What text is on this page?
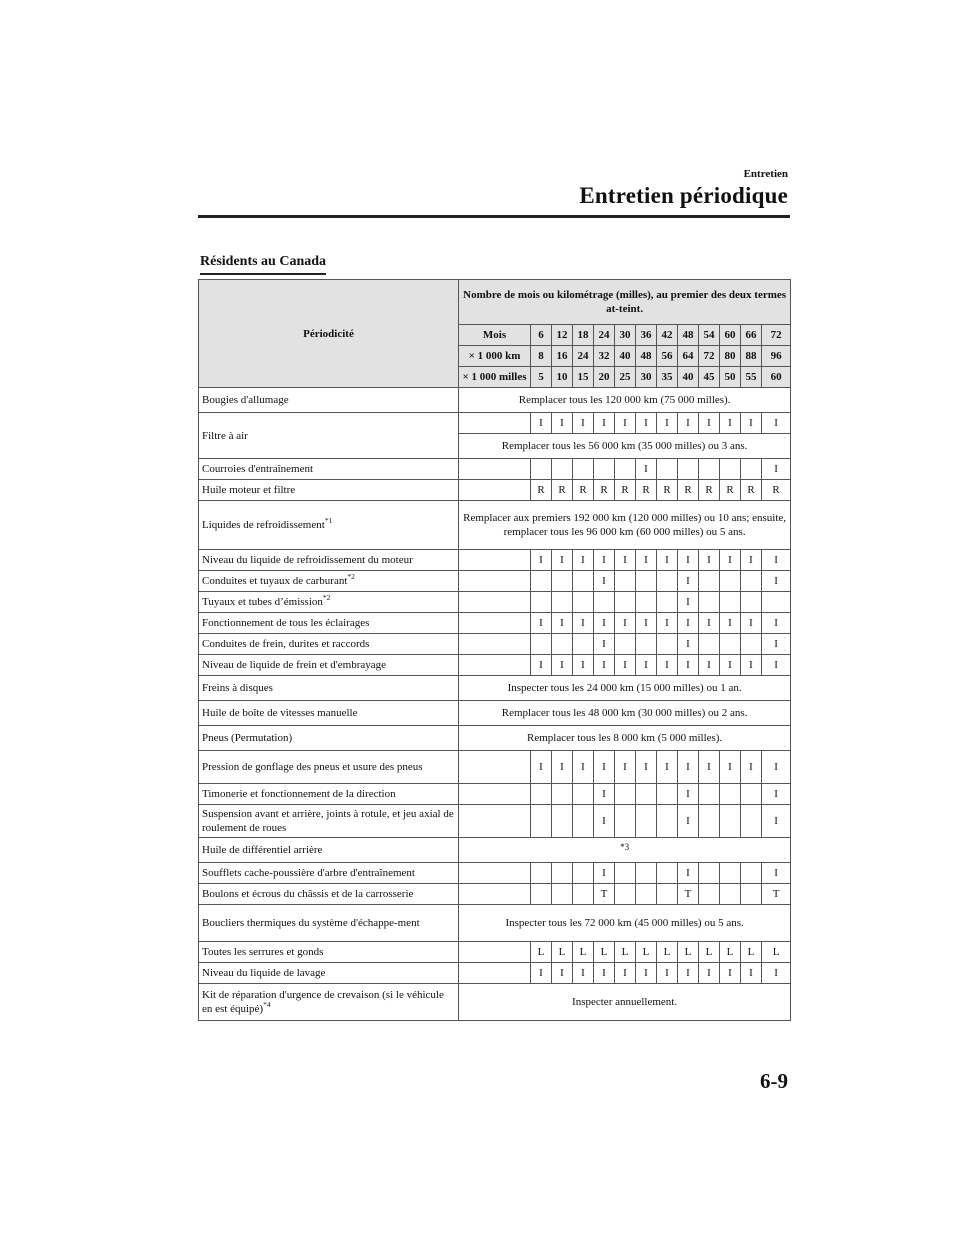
Entretien
Entretien périodique
Résidents au Canada
Périodicité	Nombre de mois ou kilométrage (milles), au premier des deux termes at-teint.												
	Mois	6	12	18	24	30	36	42	48	54	60	66	72
	× 1 000 km	8	16	24	32	40	48	56	64	72	80	88	96
	× 1 000 milles	5	10	15	20	25	30	35	40	45	50	55	60
Bougies d'allumage	Remplacer tous les 120 000 km (75 000 milles).												
Filtre à air		I	I	I	I	I	I	I	I	I	I	I	I
	Remplacer tous les 56 000 km (35 000 milles) ou 3 ans.												
Courroies d'entraînement							I						I
Huile moteur et filtre		R	R	R	R	R	R	R	R	R	R	R	R
Liquides de refroidissement$^{*1}$	Remplacer aux premiers 192 000 km (120 000 milles) ou 10 ans; ensuite, remplacer tous les 96 000 km (60 000 milles) ou 5 ans.												
Niveau du liquide de refroidissement du moteur		I	I	I	I	I	I	I	I	I	I	I	I
Conduites et tuyaux de carburant$^{*2}$					I				I				I
Tuyaux et tubes d’émission$^{*2}$									I				
Fonctionnement de tous les éclairages		I	I	I	I	I	I	I	I	I	I	I	I
Conduites de frein, durites et raccords					I				I				I
Niveau de liquide de frein et d'embrayage		I	I	I	I	I	I	I	I	I	I	I	I
Freins à disques	Inspecter tous les 24 000 km (15 000 milles) ou 1 an.												
Huile de boîte de vitesses manuelle	Remplacer tous les 48 000 km (30 000 milles) ou 2 ans.												
Pneus (Permutation)	Remplacer tous les 8 000 km (5 000 milles).												
Pression de gonflage des pneus et usure des pneus		I	I	I	I	I	I	I	I	I	I	I	I
Timonerie et fonctionnement de la direction					I				I				I
Suspension avant et arrière, joints à rotule, et jeu axial de roulement de roues					I				I				I
Huile de différentiel arrière	*3												
Soufflets cache-poussière d'arbre d'entraînement					I				I				I
Boulons et écrous du châssis et de la carrosserie					T				T				T
Boucliers thermiques du système d'échappe-ment	Inspecter tous les 72 000 km (45 000 milles) ou 5 ans.												
Toutes les serrures et gonds		L	L	L	L	L	L	L	L	L	L	L	L
Niveau du liquide de lavage		I	I	I	I	I	I	I	I	I	I	I	I
Kit de réparation d'urgence de crevaison (si le véhicule en est équipé)$^{*4}$	Inspecter annuellement.												
6-9
